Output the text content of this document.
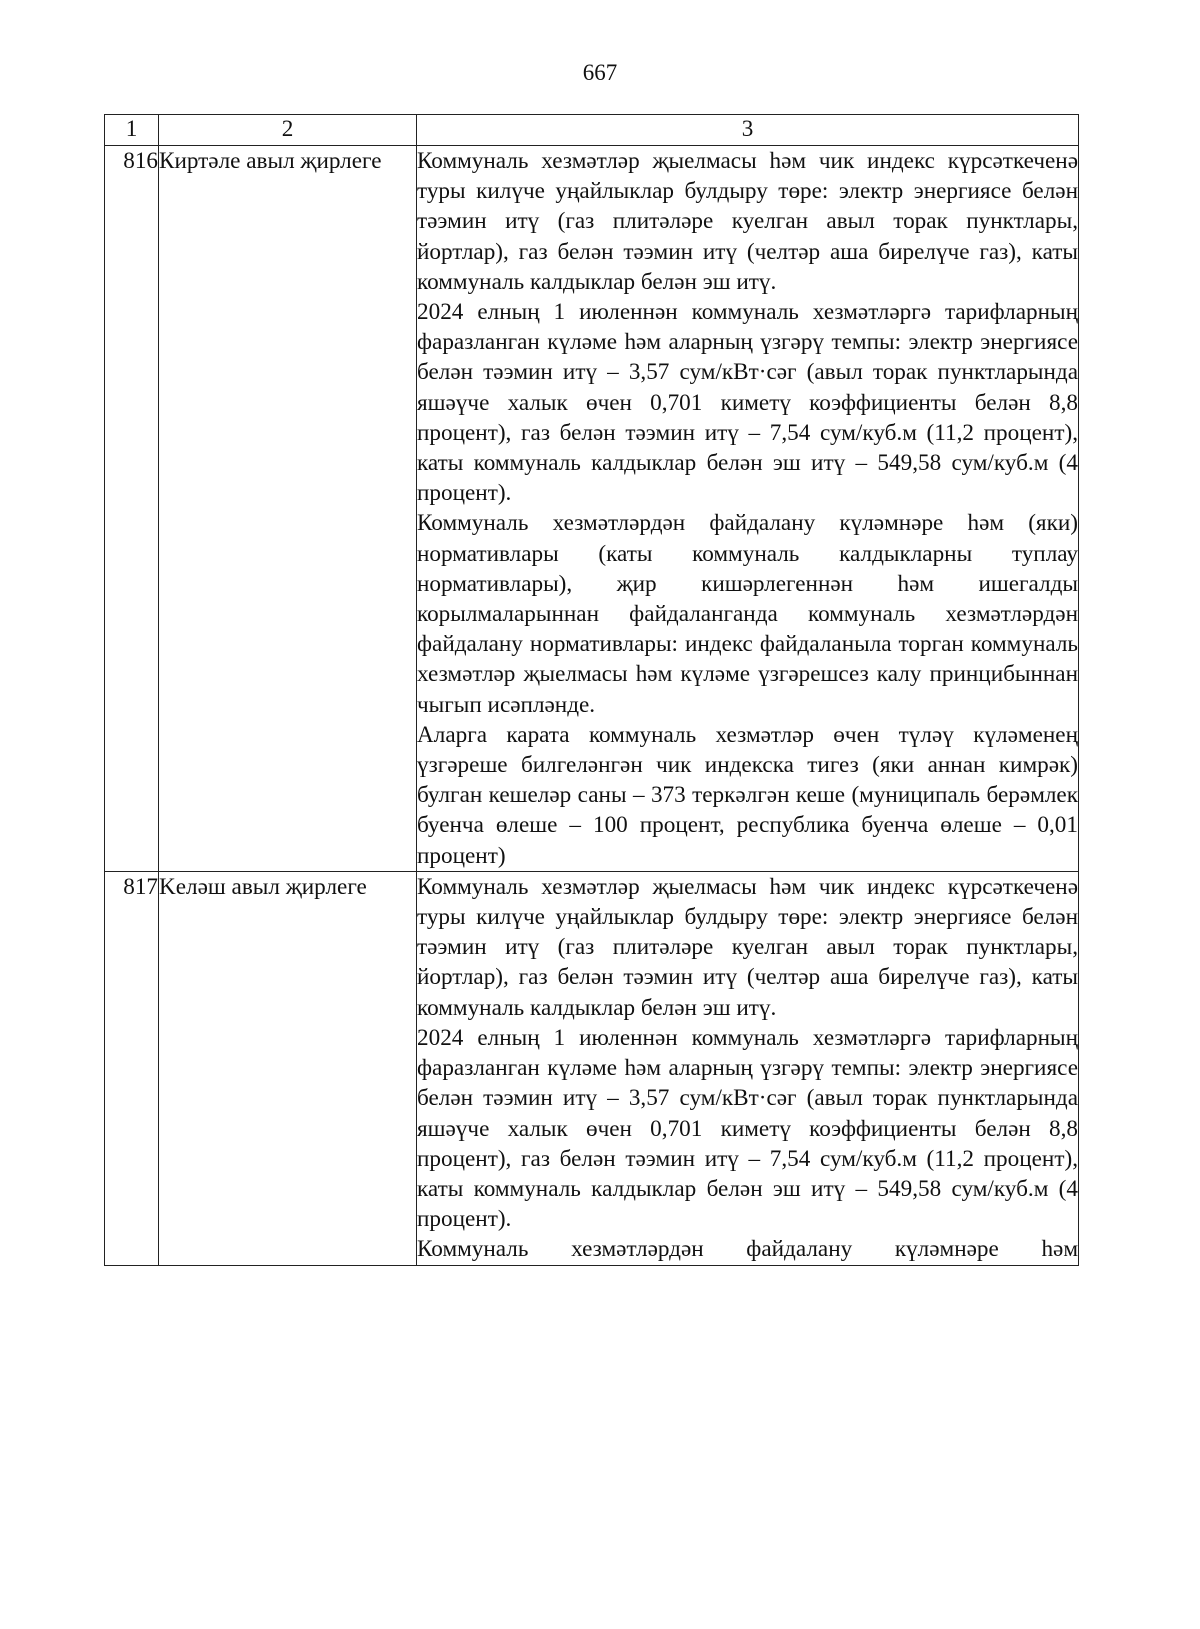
667
1	2	3
816	Киртәле авыл җирлеге	Коммуналь хезмәтләр җыелмасы һәм чик индекс күрсәткеченә туры килүче уңайлыклар булдыру төре: электр энергиясе белән тәэмин итү (газ плитәләре куелган авыл торак пунктлары, йортлар), газ белән тәэмин итү (челтәр аша бирелүче газ), каты коммуналь калдыклар белән эш итү.
2024 елның 1 июленнән коммуналь хезмәтләргә тарифларның фаразланган күләме һәм аларның үзгәрү темпы: электр энергиясе белән тәэмин итү – 3,57 сум/кВт·сәг (авыл торак пунктларында яшәүче халык өчен 0,701 киметү коэффициенты белән 8,8 процент), газ белән тәэмин итү – 7,54 сум/куб.м (11,2 процент), каты коммуналь калдыклар белән эш итү – 549,58 сум/куб.м (4 процент).
Коммуналь хезмәтләрдән файдалану күләмнәре һәм (яки) нормативлары (каты коммуналь калдыкларны туплау нормативлары), җир кишәрлегеннән һәм ишегалды корылмаларыннан файдаланганда коммуналь хезмәтләрдән файдалану нормативлары: индекс файдаланыла торган коммуналь хезмәтләр җыелмасы һәм күләме үзгәрешсез калу принцибыннан чыгып исәпләнде.
Аларга карата коммуналь хезмәтләр өчен түләү күләменең үзгәреше билгеләнгән чик индекска тигез (яки аннан кимрәк) булган кешеләр саны – 373 теркәлгән кеше (муниципаль берәмлек буенча өлеше – 100 процент, республика буенча өлеше – 0,01 процент)

817	Keләш авыл җирлеге	Коммуналь хезмәтләр җыелмасы һәм чик индекс күрсәткеченә туры килүче уңайлыклар булдыру төре: электр энергиясе белән тәэмин итү (газ плитәләре куелган авыл торак пунктлары, йортлар), газ белән тәэмин итү (челтәр аша бирелүче газ), каты коммуналь калдыклар белән эш итү.
2024 елның 1 июленнән коммуналь хезмәтләргә тарифларның фаразланган күләме һәм аларның үзгәрү темпы: электр энергиясе белән тәэмин итү – 3,57 сум/кВт·сәг (авыл торак пунктларында яшәүче халык өчен 0,701 киметү коэффициенты белән 8,8 процент), газ белән тәэмин итү – 7,54 сум/куб.м (11,2 процент), каты коммуналь калдыклар белән эш итү – 549,58 сум/куб.м (4 процент).
Коммуналь хезмәтләрдән файдалану күләмнәре һәм
